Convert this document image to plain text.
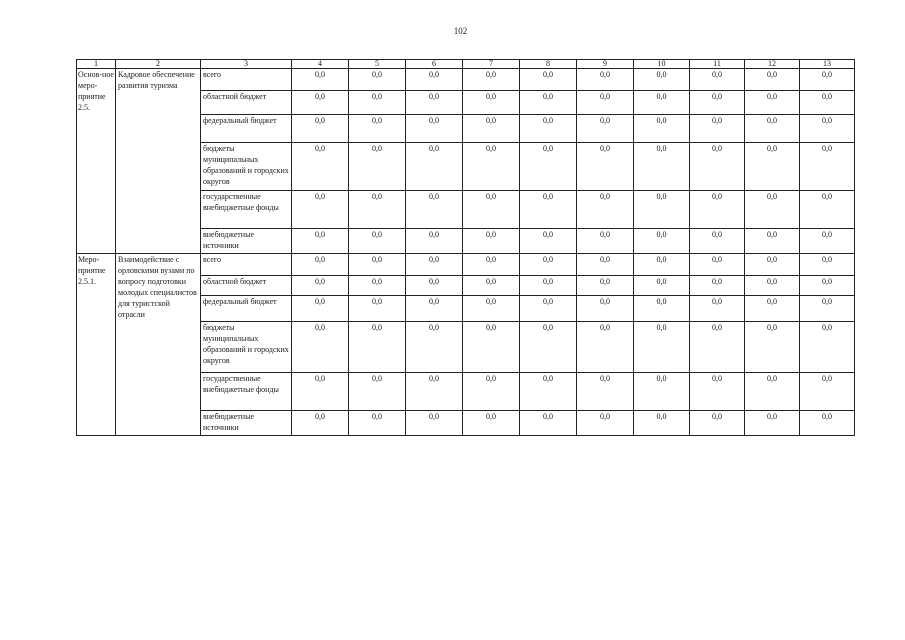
102
1	2	3	4	5	6	7	8	9	10	11	12	13
Основ-ное меро-приятие 2.5.	Кадровое обеспечение развития туризма	всего	0,0	0,0	0,0	0,0	0,0	0,0	0,0	0,0	0,0	0,0
		областной бюджет	0,0	0,0	0,0	0,0	0,0	0,0	0,0	0,0	0,0	0,0
		федеральный бюджет	0,0	0,0	0,0	0,0	0,0	0,0	0,0	0,0	0,0	0,0
		бюджеты муниципальных образований и городских округов	0,0	0,0	0,0	0,0	0,0	0,0	0,0	0,0	0,0	0,0
		государственные внебюджетные фонды	0,0	0,0	0,0	0,0	0,0	0,0	0,0	0,0	0,0	0,0
		внебюджетные источники	0,0	0,0	0,0	0,0	0,0	0,0	0,0	0,0	0,0	0,0
Меро-приятие 2.5.1.	Взаимодействие с орловскими вузами по вопросу подготовки молодых специалистов для туристской отрасли	всего	0,0	0,0	0,0	0,0	0,0	0,0	0,0	0,0	0,0	0,0
		областной бюджет	0,0	0,0	0,0	0,0	0,0	0,0	0,0	0,0	0,0	0,0
		федеральный бюджет	0,0	0,0	0,0	0,0	0,0	0,0	0,0	0,0	0,0	0,0
		бюджеты муниципальных образований и городских округов	0,0	0,0	0,0	0,0	0,0	0,0	0,0	0,0	0,0	0,0
		государственные внебюджетные фонды	0,0	0,0	0,0	0,0	0,0	0,0	0,0	0,0	0,0	0,0
		внебюджетные источники	0,0	0,0	0,0	0,0	0,0	0,0	0,0	0,0	0,0	0,0
